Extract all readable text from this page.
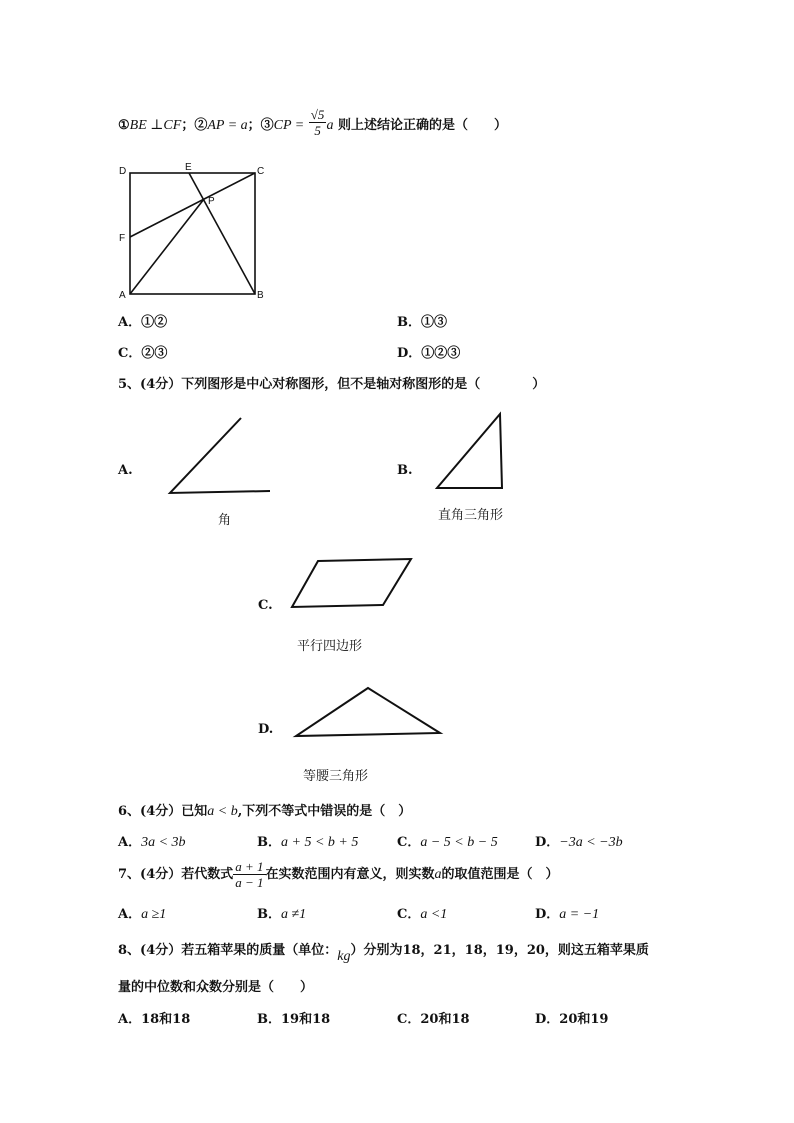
①BE ⊥CF；②AP = a；③CP = $\frac{√5}{5}$ a 则上述结论正确的是（　　）
D	E	C
P
F
A	B
A．①②	B．①③
C．②③	D．①②③
5、(4分）下列图形是中心对称图形，但不是轴对称图形的是（　　　　）
A.
角
B.
直角三角形
C.
平行四边形
D.
等腰三角形
6、(4分）已知a < b,下列不等式中错误的是（　）
A．3a < 3b	B．a + 5 < b + 5	C．a − 5 < b − 5	D．−3a < −3b
7、(4分）若代数式 $\frac{a + 1}{a - 1}$ 在实数范围内有意义，则实数a的取值范围是（　）
A．a ≥1	B．a ≠1	C．a <1	D．a = −1
8、(4分）若五箱苹果的质量（单位：kg）分别为18，21，18，19，20，则这五箱苹果质
量的中位数和众数分别是（　　）
A．18和18	B．19和18	C．20和18	D．20和19
